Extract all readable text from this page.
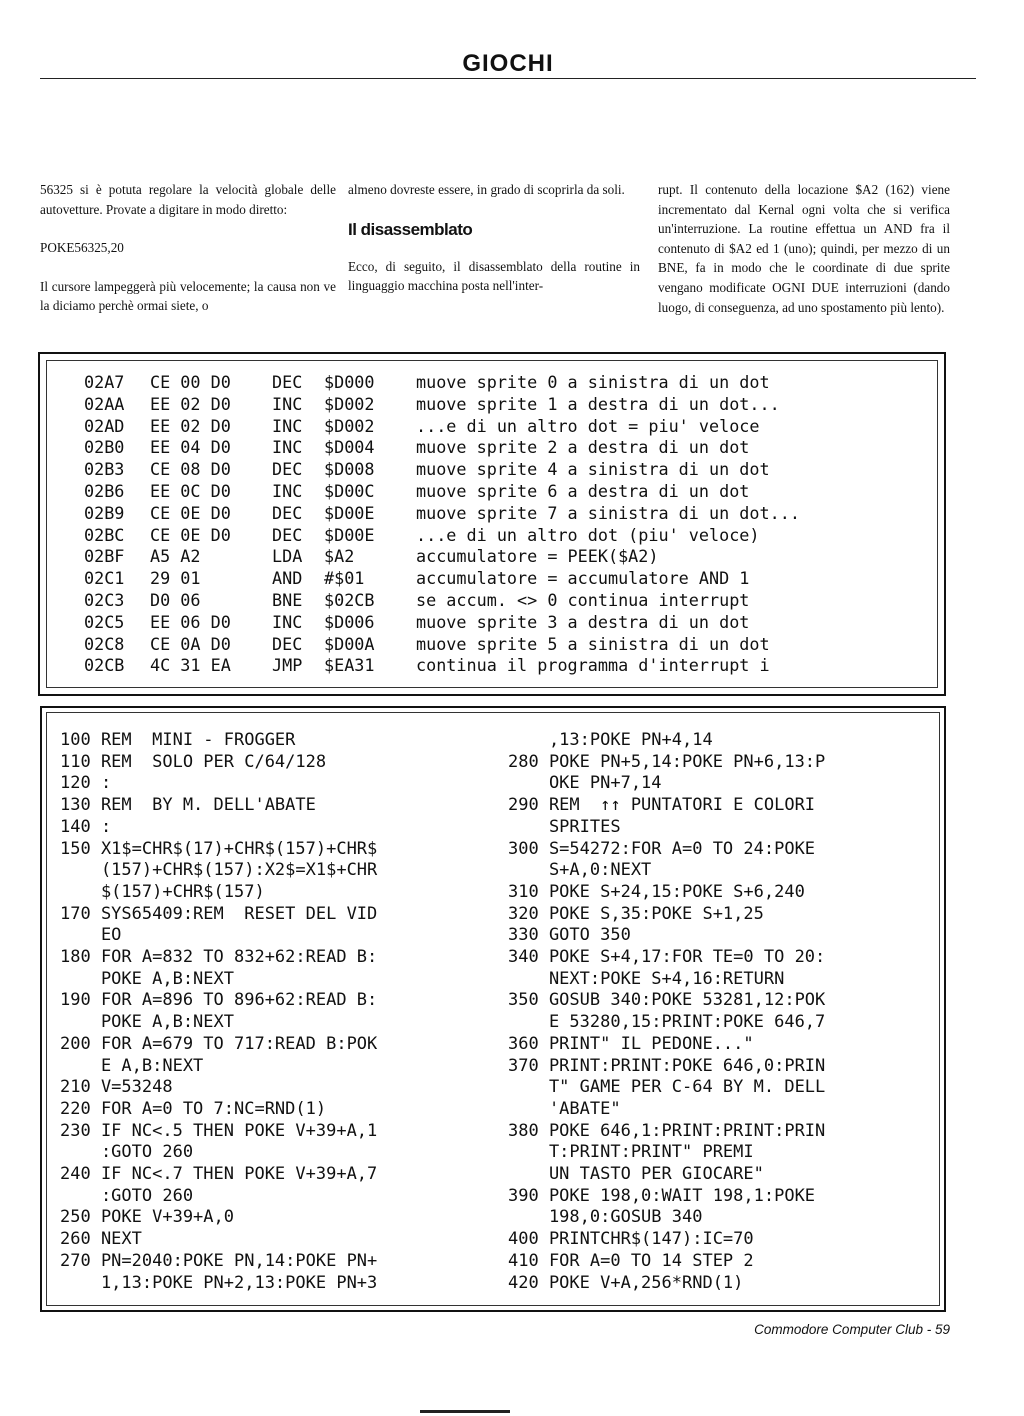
GIOCHI

56325 si è potuta regolare la velocità globale delle autovetture. Provate a digitare in modo diretto:

POKE56325,20

Il cursore lampeggerà più velocemente; la causa non ve la diciamo perchè ormai siete, o

almeno dovreste essere, in grado di scoprirla da soli.

Il disassemblato

Ecco, di seguito, il disassemblato della routine in linguaggio macchina posta nell'inter-

rupt. Il contenuto della locazione $A2 (162) viene incrementato dal Kernal ogni volta che si verifica un'interruzione. La routine effettua un AND fra il contenuto di $A2 ed 1 (uno); quindi, per mezzo di un BNE, fa in modo che le coordinate di due sprite vengano modificate OGNI DUE interruzioni (dando luogo, di conseguenza, ad uno spostamento più lento).

02A7	CE 00 D0	DEC	$D000	muove sprite 0 a sinistra di un dot
02AA	EE 02 D0	INC	$D002	muove sprite 1 a destra di un dot...
02AD	EE 02 D0	INC	$D002	...e di un altro dot = piu' veloce
02B0	EE 04 D0	INC	$D004	muove sprite 2 a destra di un dot
02B3	CE 08 D0	DEC	$D008	muove sprite 4 a sinistra di un dot
02B6	EE 0C D0	INC	$D00C	muove sprite 6 a destra di un dot
02B9	CE 0E D0	DEC	$D00E	muove sprite 7 a sinistra di un dot...
02BC	CE 0E D0	DEC	$D00E	...e di un altro dot (piu' veloce)
02BF	A5 A2	LDA	$A2	accumulatore = PEEK($A2)
02C1	29 01	AND	#$01	accumulatore = accumulatore AND 1
02C3	D0 06	BNE	$02CB	se accum. <> 0 continua interrupt
02C5	EE 06 D0	INC	$D006	muove sprite 3 a destra di un dot
02C8	CE 0A D0	DEC	$D00A	muove sprite 5 a sinistra di un dot
02CB	4C 31 EA	JMP	$EA31	continua il programma d'interrupt i
100 REM  MINI - FROGGER
110 REM  SOLO PER C/64/128
120 :
130 REM  BY M. DELL'ABATE
140 :
150 X1$=CHR$(17)+CHR$(157)+CHR$
(157)+CHR$(157):X2$=X1$+CHR
$(157)+CHR$(157)
170 SYS65409:REM  RESET DEL VID
EO
180 FOR A=832 TO 832+62:READ B:
POKE A,B:NEXT
190 FOR A=896 TO 896+62:READ B:
POKE A,B:NEXT
200 FOR A=679 TO 717:READ B:POK
E A,B:NEXT
210 V=53248
220 FOR A=0 TO 7:NC=RND(1)
230 IF NC<.5 THEN POKE V+39+A,1
:GOTO 260
240 IF NC<.7 THEN POKE V+39+A,7
:GOTO 260
250 POKE V+39+A,0
260 NEXT
270 PN=2040:POKE PN,14:POKE PN+
1,13:POKE PN+2,13:POKE PN+3
,13:POKE PN+4,14
280 POKE PN+5,14:POKE PN+6,13:P
OKE PN+7,14
290 REM  ↑↑ PUNTATORI E COLORI
SPRITES
300 S=54272:FOR A=0 TO 24:POKE
S+A,0:NEXT
310 POKE S+24,15:POKE S+6,240
320 POKE S,35:POKE S+1,25
330 GOTO 350
340 POKE S+4,17:FOR TE=0 TO 20:
NEXT:POKE S+4,16:RETURN
350 GOSUB 340:POKE 53281,12:POK
E 53280,15:PRINT:POKE 646,7
360 PRINT" IL PEDONE..."
370 PRINT:PRINT:POKE 646,0:PRIN
T" GAME PER C-64 BY M. DELL
'ABATE"
380 POKE 646,1:PRINT:PRINT:PRIN
T:PRINT:PRINT" PREMI
UN TASTO PER GIOCARE"
390 POKE 198,0:WAIT 198,1:POKE
198,0:GOSUB 340
400 PRINTCHR$(147):IC=70
410 FOR A=0 TO 14 STEP 2
420 POKE V+A,256*RND(1)
Commodore Computer Club - 59
